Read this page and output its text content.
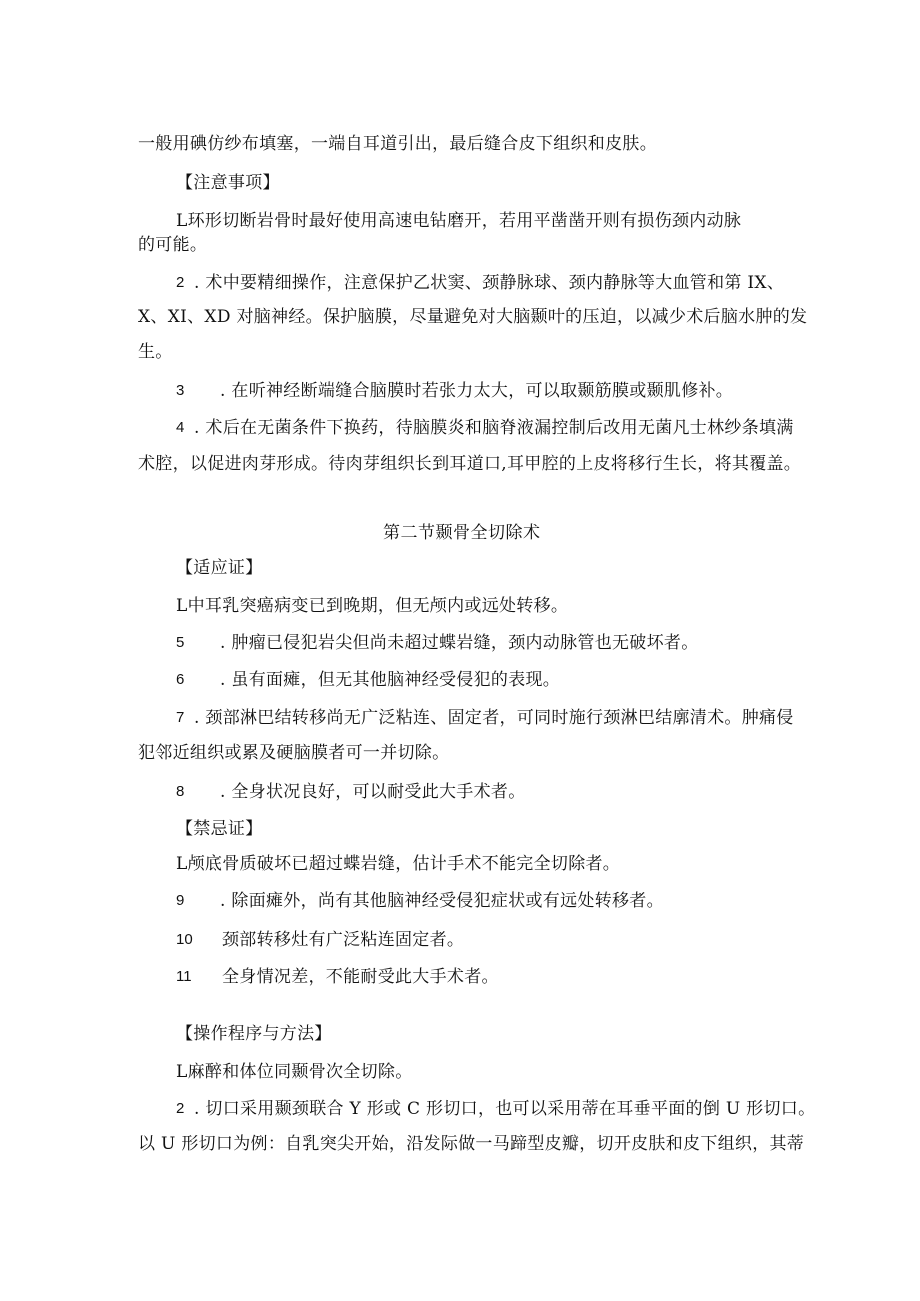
一般用碘仿纱布填塞，一端自耳道引出，最后缝合皮下组织和皮肤。
【注意事项】
L环形切断岩骨时最好使用高速电钻磨开，若用平凿凿开则有损伤颈内动脉
的可能。
2 . 术中要精细操作，注意保护乙状窦、颈静脉球、颈内静脉等大血管和第 IX、
X、XI、XD 对脑神经。保护脑膜，尽量避免对大脑颞叶的压迫，以减少术后脑水肿的发
生。
3 . 在听神经断端缝合脑膜时若张力太大，可以取颞筋膜或颞肌修补。
4 . 术后在无菌条件下换药，待脑膜炎和脑脊液漏控制后改用无菌凡士林纱条填满
术腔，以促进肉芽形成。待肉芽组织长到耳道口,耳甲腔的上皮将移行生长，将其覆盖。
第二节颞骨全切除术
【适应证】
L中耳乳突癌病变已到晚期，但无颅内或远处转移。
5 . 肿瘤已侵犯岩尖但尚未超过蝶岩缝，颈内动脉管也无破坏者。
6 . 虽有面瘫，但无其他脑神经受侵犯的表现。
7 . 颈部淋巴结转移尚无广泛粘连、固定者，可同时施行颈淋巴结廓清术。肿痛侵
犯邻近组织或累及硬脑膜者可一并切除。
8 . 全身状况良好，可以耐受此大手术者。
【禁忌证】
L颅底骨质破坏已超过蝶岩缝，估计手术不能完全切除者。
9 . 除面瘫外，尚有其他脑神经受侵犯症状或有远处转移者。
10 颈部转移灶有广泛粘连固定者。
11 全身情况差，不能耐受此大手术者。
【操作程序与方法】
L麻醉和体位同颞骨次全切除。
2 . 切口采用颞颈联合 Y 形或 C 形切口，也可以采用蒂在耳垂平面的倒 U 形切口。
以 U 形切口为例：自乳突尖开始，沿发际做一马蹄型皮瓣，切开皮肤和皮下组织，其蒂
